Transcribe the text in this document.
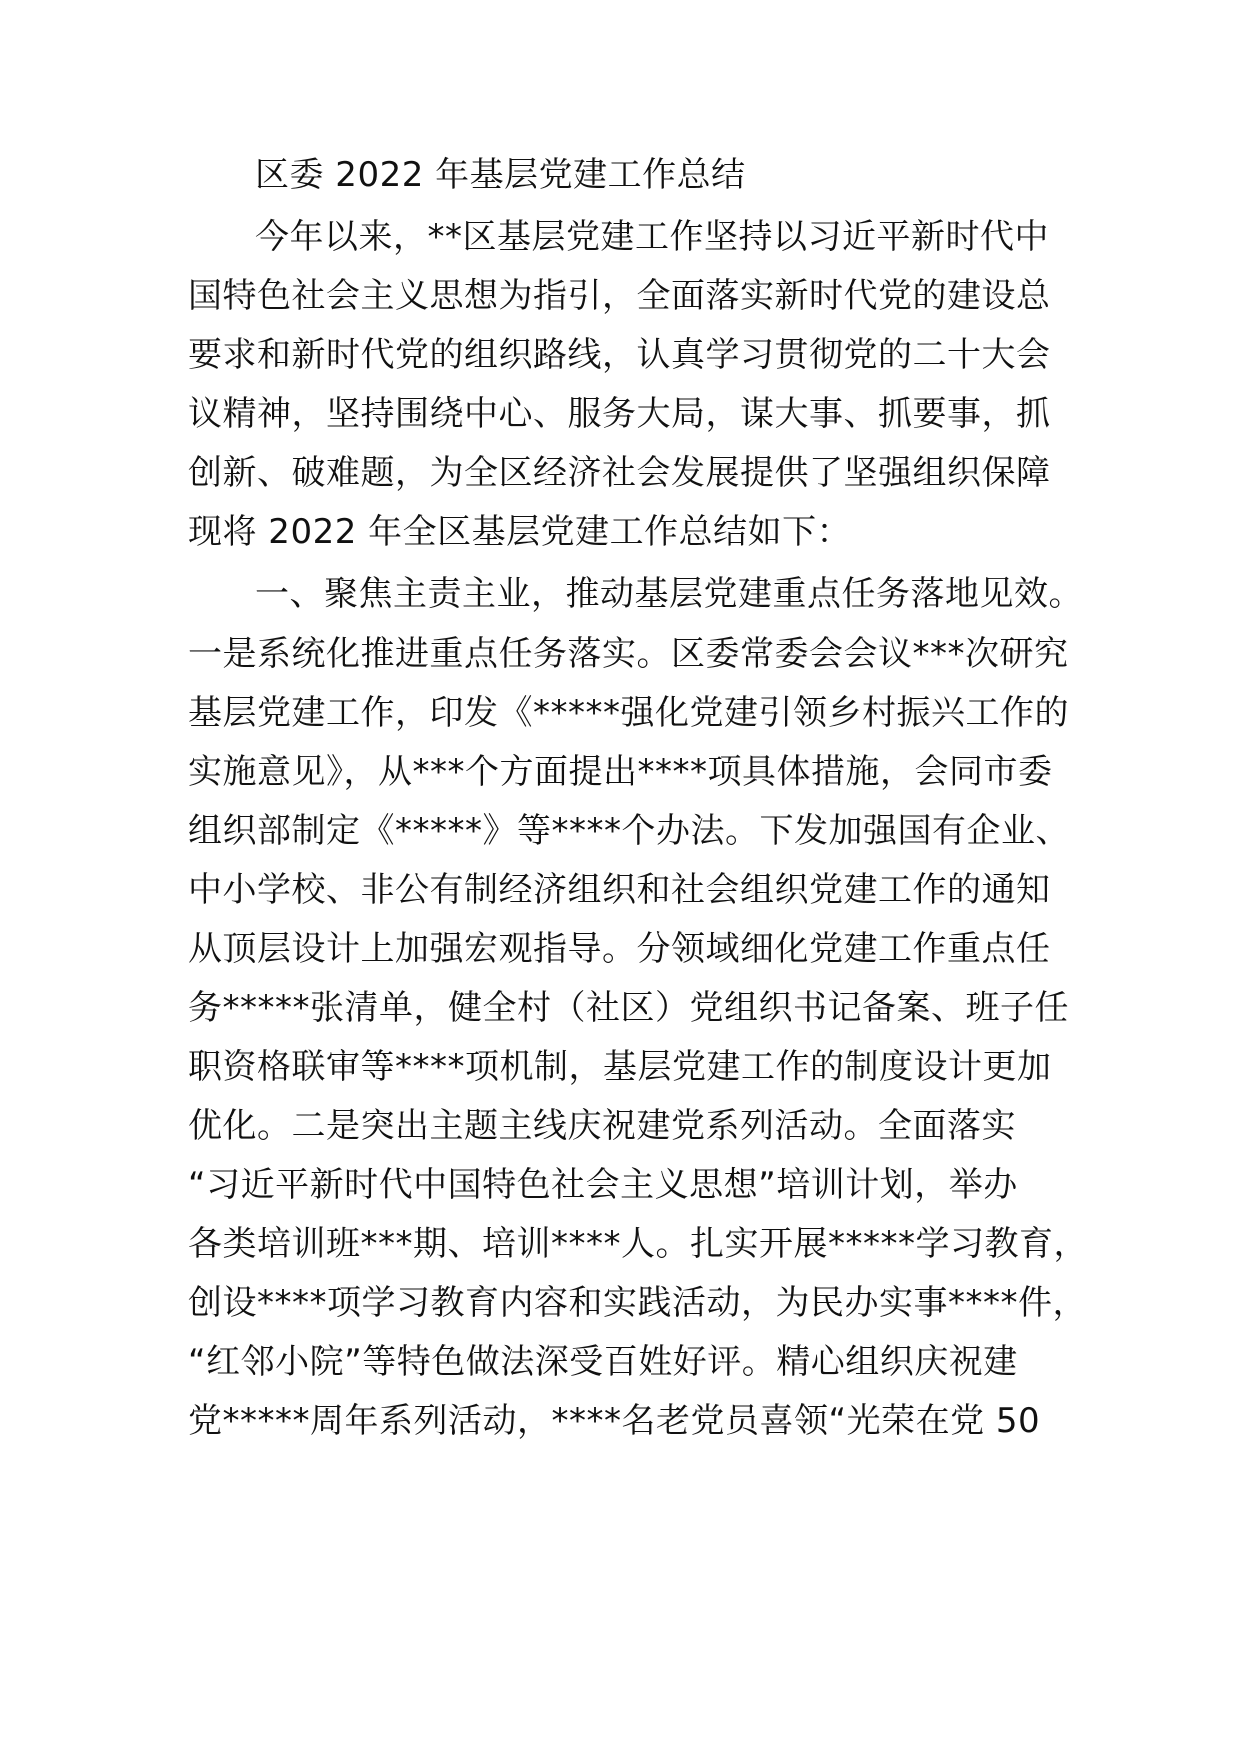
区委 2022 年基层党建工作总结
今年以来，**区基层党建工作坚持以习近平新时代中
国特色社会主义思想为指引，全面落实新时代党的建设总
要求和新时代党的组织路线，认真学习贯彻党的二十大会
议精神，坚持围绕中心、服务大局，谋大事、抓要事，抓
创新、破难题，为全区经济社会发展提供了坚强组织保障
现将 2022 年全区基层党建工作总结如下：
一、聚焦主责主业，推动基层党建重点任务落地见效。
一是系统化推进重点任务落实。区委常委会会议***次研究
基层党建工作，印发《*****强化党建引领乡村振兴工作的
实施意见》，从***个方面提出****项具体措施，会同市委
组织部制定《*****》等****个办法。下发加强国有企业、
中小学校、非公有制经济组织和社会组织党建工作的通知
从顶层设计上加强宏观指导。分领域细化党建工作重点任
务*****张清单，健全村（社区）党组织书记备案、班子任
职资格联审等****项机制，基层党建工作的制度设计更加
优化。二是突出主题主线庆祝建党系列活动。全面落实
“习近平新时代中国特色社会主义思想”培训计划，举办
各类培训班***期、培训****人。扎实开展*****学习教育，
创设****项学习教育内容和实践活动，为民办实事****件，
“红邻小院”等特色做法深受百姓好评。精心组织庆祝建
党*****周年系列活动，****名老党员喜领“光荣在党 50
